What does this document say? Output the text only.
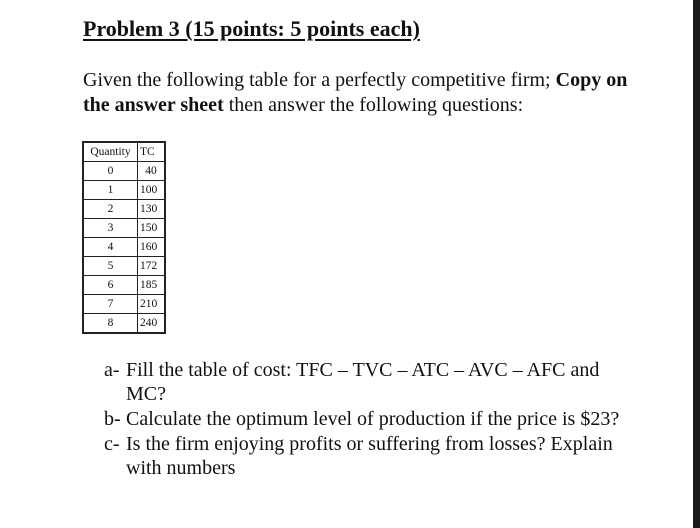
Problem 3 (15 points: 5 points each)
Given the following table for a perfectly competitive firm; Copy on the answer sheet then answer the following questions:
Quantity	TC
0	40
1	100
2	130
3	150
4	160
5	172
6	185
7	210
8	240
a- Fill the table of cost: TFC – TVC – ATC – AVC – AFC and MC?
b- Calculate the optimum level of production if the price is $23?
c- Is the firm enjoying profits or suffering from losses? Explain with numbers
